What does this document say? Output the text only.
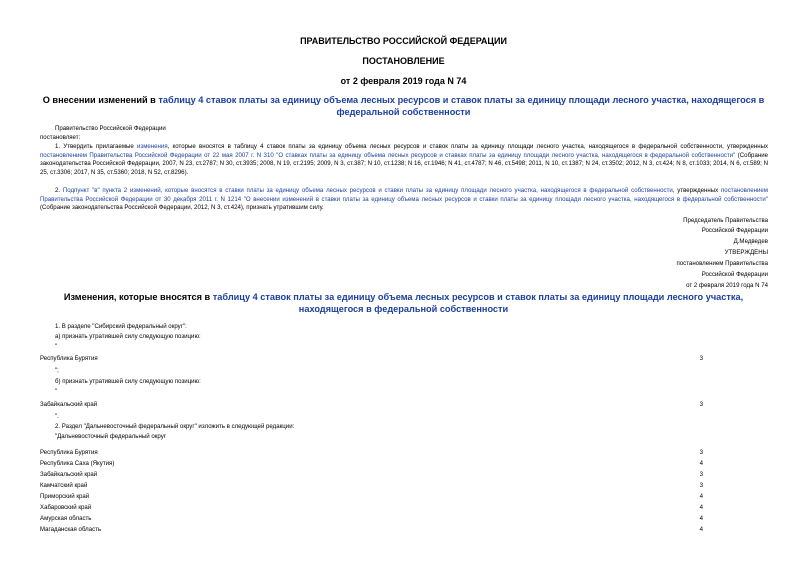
ПРАВИТЕЛЬСТВО РОССИЙСКОЙ ФЕДЕРАЦИИ
ПОСТАНОВЛЕНИЕ
от 2 февраля 2019 года N 74
О внесении изменений в таблицу 4 ставок платы за единицу объема лесных ресурсов и ставок платы за единицу площади лесного участка, находящегося в федеральной собственности
Правительство Российской Федерации
постановляет:
1. Утвердить прилагаемые изменения, которые вносятся в таблицу 4 ставок платы за единицу объема лесных ресурсов и ставок платы за единицу площади лесного участка, находящегося в федеральной собственности, утвержденных постановлением Правительства Российской Федерации от 22 мая 2007 г. N 310 "О ставках платы за единицу объема лесных ресурсов и ставках платы за единицу площади лесного участка, находящегося в федеральной собственности" (Собрание законодательства Российской Федерации, 2007, N 23, ст.2787; N 30, ст.3935; 2008, N 19, ст.2195; 2009, N 3, ст.387; N 10, ст.1238; N 16, ст.1946; N 41, ст.4787; N 46, ст.5498; 2011, N 10, ст.1387; N 24, ст.3502; 2012, N 3, ст.424; N 8, ст.1033; 2014, N 6, ст.589; N 25, ст.3306; 2017, N 35, ст.5360; 2018, N 52, ст.8296).
2. Подпункт "в" пункта 2 изменений, которые вносятся в ставки платы за единицу объема лесных ресурсов и ставки платы за единицу площади лесного участка, находящегося в федеральной собственности, утвержденных постановлением Правительства Российской Федерации от 30 декабря 2011 г. N 1214 "О внесении изменений в ставки платы за единицу объема лесных ресурсов и ставки платы за единицу площади лесного участка, находящегося в федеральной собственности" (Собрание законодательства Российской Федерации, 2012, N 3, ст.424), признать утратившим силу.
Председатель Правительства
Российской Федерации
Д.Медведев
УТВЕРЖДЕНЫ
постановлением Правительства
Российской Федерации
от 2 февраля 2019 года N 74
Изменения, которые вносятся в таблицу 4 ставок платы за единицу объема лесных ресурсов и ставок платы за единицу площади лесного участка, находящегося в федеральной собственности
1. В разделе "Сибирский федеральный округ":
а) признать утратившей силу следующую позицию:
"
Республика Бурятия	3
";
б) признать утратившей силу следующую позицию:
"
Забайкальский край	3
".
2. Раздел "Дальневосточный федеральный округ" изложить в следующей редакции:
"Дальневосточный федеральный округ
Республика Бурятия	3
Республика Саха (Якутия)	4
Забайкальский край	3
Камчатский край	3
Приморский край	4
Хабаровский край	4
Амурская область	4
Магаданская область	4
